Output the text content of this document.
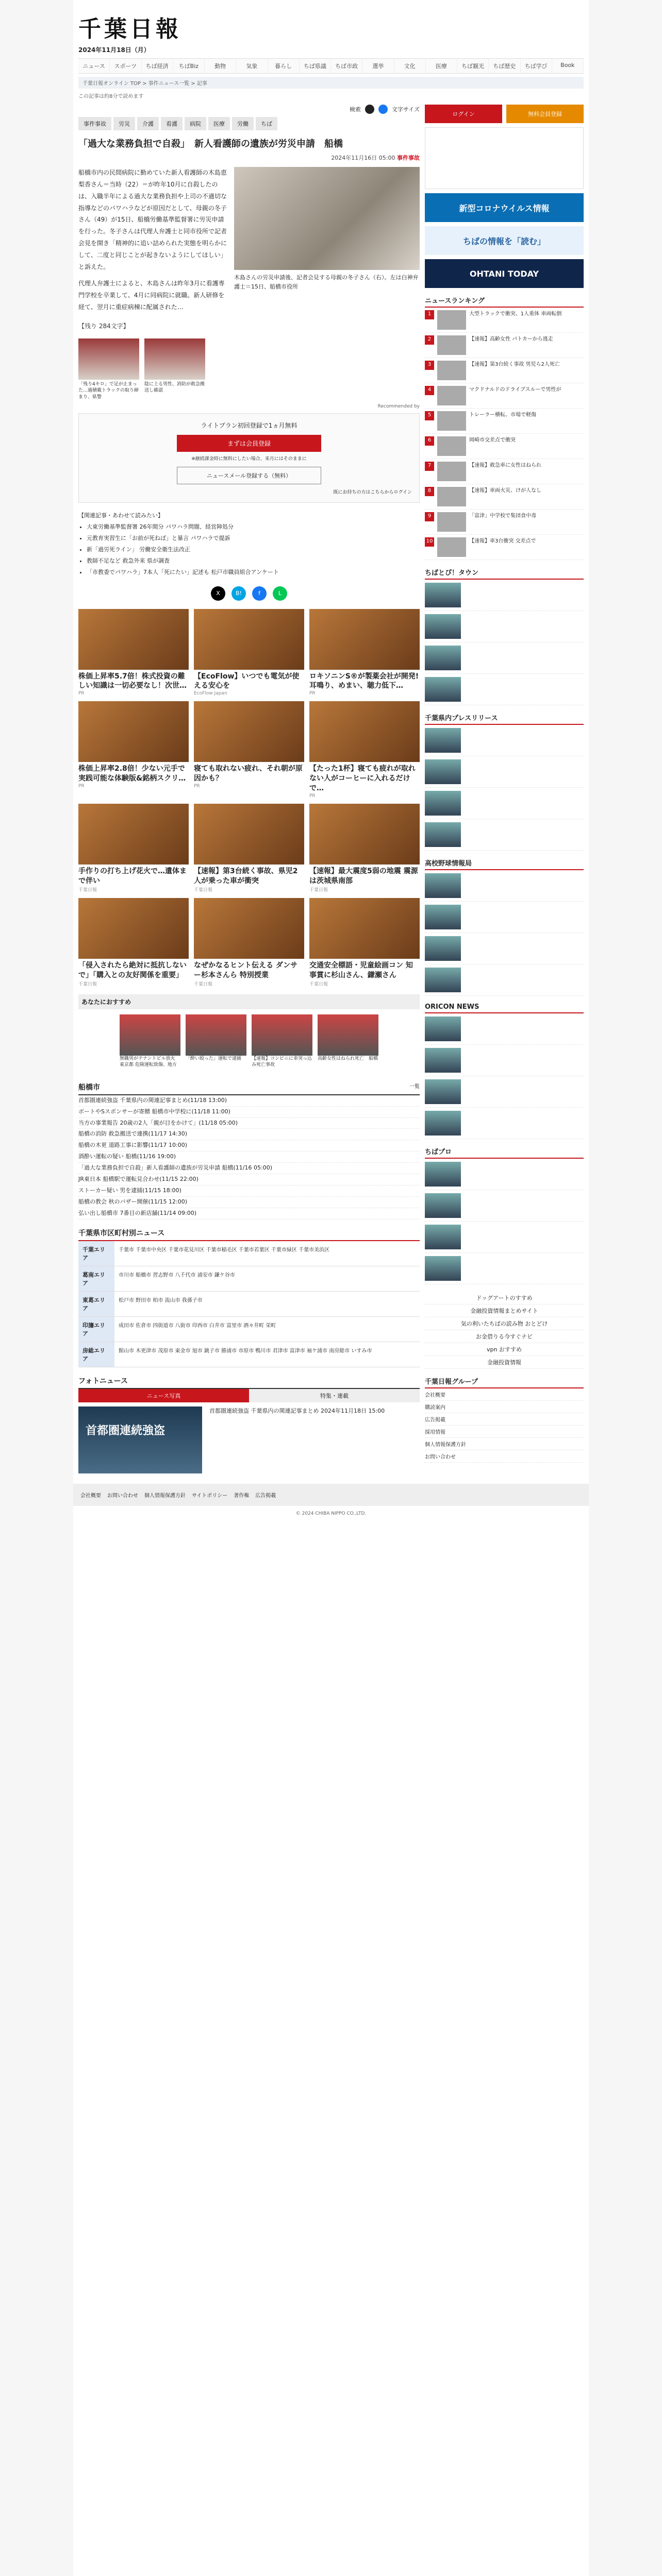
千葉日報
2024年11月18日（月）
ニュース	スポーツ	ちば経済	ちばBiz	動物	気象	暮らし	ちば県議	ちば市政	選挙	文化	医療	ちば観光	ちば歴史	ちば学び	Book
千葉日報オンライン TOP > 事件ニュース一覧 > 記事
この記事は約8分で読めます
検索	文字サイズ
事件事故	労災	介護	看護	病院	医療	労働	ちば
「過大な業務負担で自殺」　新人看護師の遺族が労災申請　船橋
2024年11月16日 05:00 事件事故

船橋市内の民間病院に勤めていた新人看護師の木島恵梨香さん＝当時（22）＝が昨年10月に自殺したのは、入職半年による過大な業務負担や上司の不適切な指導などのパワハラなどが原因だとして、母親の冬子さん（49）が15日、船橋労働基準監督署に労災申請を行った。冬子さんは代理人弁護士と同市役所で記者会見を開き「精神的に追い詰められた実態を明らかにして、二度と同じことが起きないようにしてほしい」と訴えた。

代理人弁護士によると、木島さんは昨年3月に看護専門学校を卒業して、4月に同病院に就職。新人研修を経て、翌月に重症病棟に配属された…

木島さんの労災申請後、記者会見する母親の冬子さん（右）。左は白神弁護士＝15日、船橋市役所
【残り 284文字】
「残り4キロ」で足が止まった…過積載トラックの取り締まり、県警
陰に上る男性、消防が救急搬送し確認
Recommended by
ライトプラン初回登録で1ヵ月無料
まずは会員登録
※継続課金時に無料にしたい場合、来月にはそのままに
ニュースメール登録する（無料）
既にお持ちの方はこちらからログイン
【関連記事・あわせて読みたい】
• 大東労働基準監督署 26年間分 パワハラ問題、経営陣処分
• 元教育実習生に「お前が死ねば」と暴言 パワハラで提訴
• 新「過労死ライン」 労働安全衛生法改正
• 教師不足など 救急外来 県が調査
• 「市教委でパワハラ」7本人「死にたい」記述も 松戸市職員組合アンケート
X	B!	f	L
株価上昇率5.7倍！株式投資の難しい知識は一切必要なし！次世…
PR
【EcoFlow】いつでも電気が使える安心を
EcoFlow Japan
ロキソニンS®が製薬会社が開発!耳鳴り、めまい、聴力低下…
PR
株価上昇率2.8倍！少ない元手で実践可能な体験版&銘柄スクリ…
PR
寝ても取れない疲れ、それ朝が原因かも？
PR
【たった1杯】寝ても疲れが取れない人がコーヒーに入れるだけで…
PR
手作りの打ち上げ花火で…遺体まで伴い
千葉日報
【速報】第3台続く事故、県児2人が乗った車が衝突
千葉日報
【速報】最大震度5弱の地震 震源は茨城県南部
千葉日報
「侵入されたら絶対に抵抗しないで」「購入との友好関係を重要」
千葉日報
なぜかなるヒント伝える ダンサー杉本さんら 特別授業
千葉日報
交通安全標語・児童絵画コン 知事賞に杉山さん、鎌瀬さん
千葉日報
あなたにおすすめ
無職男がテナントビル放火 東京都 危険運転致傷、地方
「酔い殴った」運転で逮捕	【速報】コンビニに車突っ込み死亡事故
高齢女性はねられ死亡　船橋
船橋市	一覧
首都圏連続強盗 千葉県内の関連記事まとめ(11/18 13:00)
ボートやSスポンサーが寄贈 船橋市中学校に(11/18 11:00)
当方の事業報告 20歳の2人「親が目をかけて」(11/18 05:00)
船橋の消防 救急搬送で連携(11/17 14:30)
船橋の木更 道路工事に影響(11/17 10:00)
酒酔い運転の疑い 船橋(11/16 19:00)
「過大な業務負担で自殺」新人看護師の遺族が労災申請 船橋(11/16 05:00)
JR東日本 船橋駅で運転見合わせ(11/15 22:00)
ストーカー疑い 男を逮捕(11/15 18:00)
船橋の教会 秋のバザー開催(11/15 12:00)
弘い出し船橋市 7番目の新店舗(11/14 09:00)
千葉県市区町村別ニュース
千葉エリア
千葉市 千葉市中央区 千葉市花見川区 千葉市稲毛区 千葉市若葉区 千葉市緑区 千葉市美浜区
葛南エリア
市川市 船橋市 習志野市 八千代市 浦安市 鎌ケ谷市
東葛エリア
松戸市 野田市 柏市 流山市 我孫子市
印旛エリア
成田市 佐倉市 四街道市 八街市 印西市 白井市 富里市 酒々井町 栄町
房総エリア
館山市 木更津市 茂原市 東金市 旭市 銚子市 勝浦市 市原市 鴨川市 君津市 富津市 袖ケ浦市 南房総市 いすみ市
フォトニュース
ニュース写真	特集・連載
首都圏連続強盗
首都圏連続強盗 千葉県内の関連記事まとめ 2024年11月18日 15:00
ログイン	無料会員登録
新型コロナウイルス情報
ちばの情報を「読む」
OHTANI TODAY
ニュースランキング
1	大型トラックで衝突、1人重体 車両転倒
2	【速報】高齢女性 パトカーから逃走
3	【速報】第3台続く事故 男児ら2人死亡
4	マクドナルドのドライブスルーで男性が
5	トレーラー横転、市場で軽傷
6	岡崎市交差点で衝突
7	【速報】救急車に女性はねられ
8	【速報】車両火災、けが人なし
9	「富津」中学校で集団食中毒
10	【速報】車3台衝突 交差点で
ちばとぴ！タウン
千葉県内プレスリリース
高校野球情報局
ORICON NEWS
ちばプロ
ドッグアートのすすめ
金融投資情報まとめサイト
気の利いたちばの読み物 おとどけ
お金借りる今すぐナビ
vpn おすすめ
金融投資情報
千葉日報グループ
会社概要
購読案内
広告掲載
採用情報
個人情報保護方針
お問い合わせ
会社概要 お問い合わせ 個人情報保護方針 サイトポリシー 著作権 広告掲載
© 2024 CHIBA NIPPO CO.,LTD.
